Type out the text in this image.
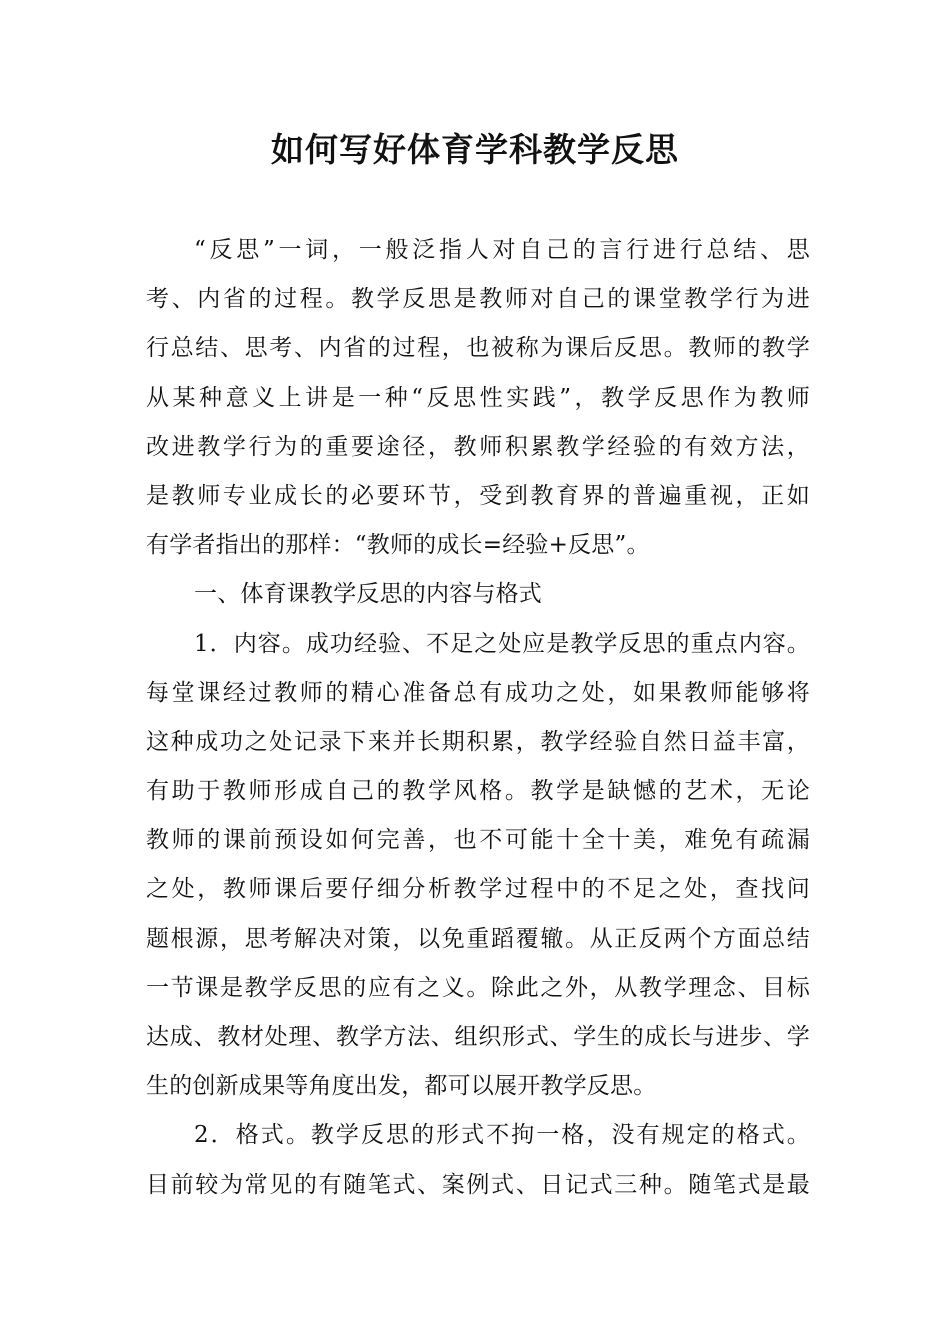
如何写好体育学科教学反思
“反思”一词，一般泛指人对自己的言行进行总结、思
考、内省的过程。教学反思是教师对自己的课堂教学行为进
行总结、思考、内省的过程，也被称为课后反思。教师的教学
从某种意义上讲是一种“反思性实践”，教学反思作为教师
改进教学行为的重要途径，教师积累教学经验的有效方法，
是教师专业成长的必要环节，受到教育界的普遍重视，正如
有学者指出的那样：“教师的成长=经验+反思”。
一、体育课教学反思的内容与格式
1．内容。成功经验、不足之处应是教学反思的重点内容。
每堂课经过教师的精心准备总有成功之处，如果教师能够将
这种成功之处记录下来并长期积累，教学经验自然日益丰富，
有助于教师形成自己的教学风格。教学是缺憾的艺术，无论
教师的课前预设如何完善，也不可能十全十美，难免有疏漏
之处，教师课后要仔细分析教学过程中的不足之处，查找问
题根源，思考解决对策，以免重蹈覆辙。从正反两个方面总结
一节课是教学反思的应有之义。除此之外，从教学理念、目标
达成、教材处理、教学方法、组织形式、学生的成长与进步、学
生的创新成果等角度出发，都可以展开教学反思。
2．格式。教学反思的形式不拘一格，没有规定的格式。
目前较为常见的有随笔式、案例式、日记式三种。随笔式是最
